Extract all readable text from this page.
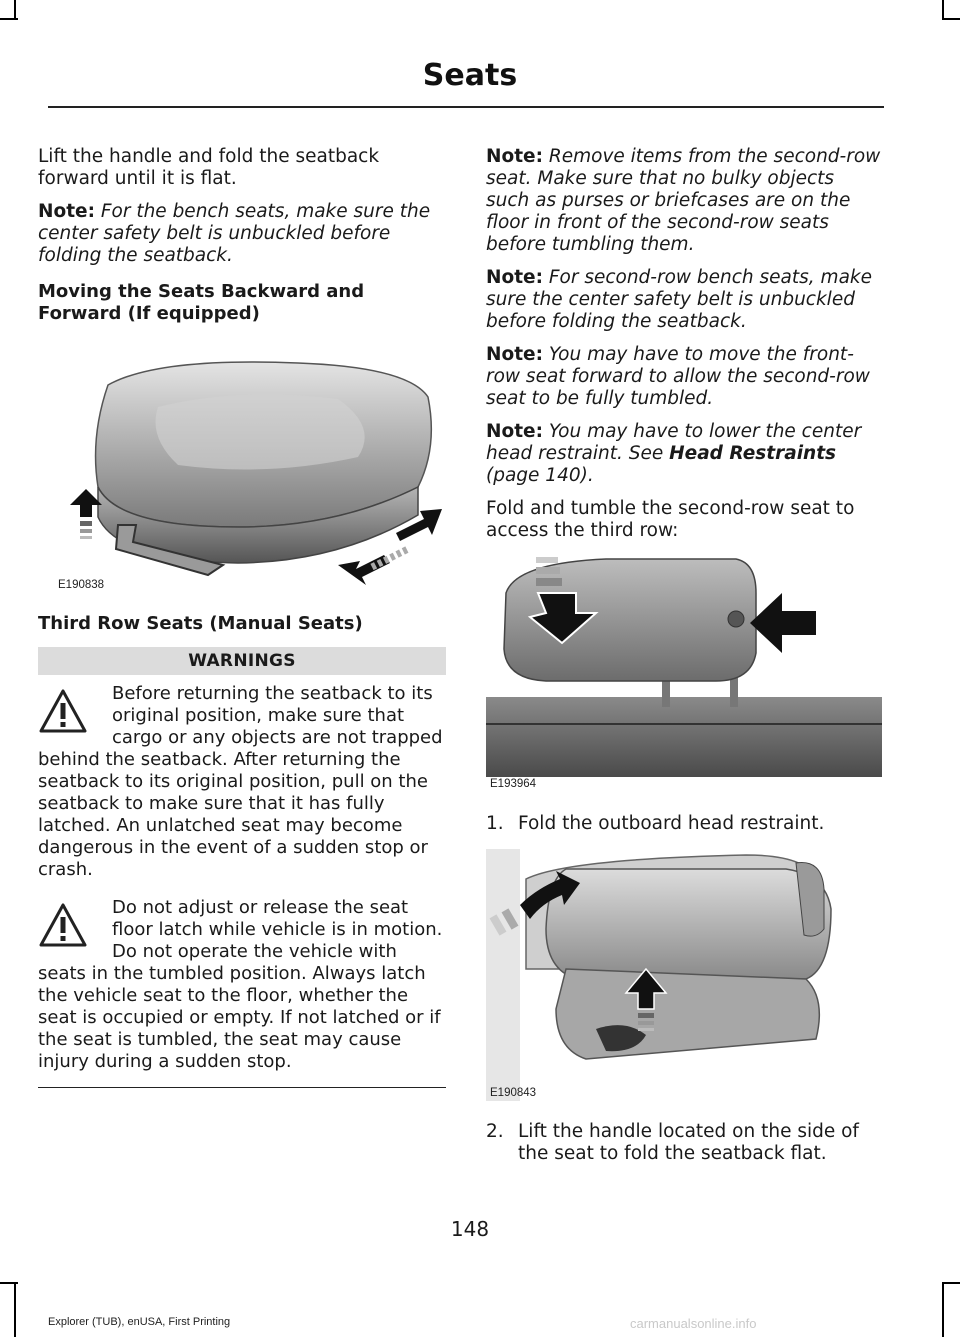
Seats

Lift the handle and fold the seatback forward until it is flat.

Note: For the bench seats, make sure the center safety belt is unbuckled before folding the seatback.

Moving the Seats Backward and Forward (If equipped)
E190838
Third Row Seats (Manual Seats)
WARNINGS
Before returning the seatback to its original position, make sure that cargo or any objects are not trapped behind the seatback. After returning the seatback to its original position, pull on the seatback to make sure that it has fully latched. An unlatched seat may become dangerous in the event of a sudden stop or crash.
Do not adjust or release the seat floor latch while vehicle is in motion. Do not operate the vehicle with seats in the tumbled position. Always latch the vehicle seat to the floor, whether the seat is occupied or empty. If not latched or if the seat is tumbled, the seat may cause injury during a sudden stop.

Note: Remove items from the second-row seat. Make sure that no bulky objects such as purses or briefcases are on the floor in front of the second-row seats before tumbling them.

Note: For second-row bench seats, make sure the center safety belt is unbuckled before folding the seatback.

Note: You may have to move the front-row seat forward to allow the second-row seat to be fully tumbled.

Note: You may have to lower the center head restraint. See Head Restraints (page 140).

Fold and tumble the second-row seat to access the third row:

E193964
1. Fold the outboard head restraint.
E190843
2. Lift the handle located on the side of the seat to fold the seatback flat.
148
Explorer (TUB), enUSA, First Printing	carmanualsonline.info
